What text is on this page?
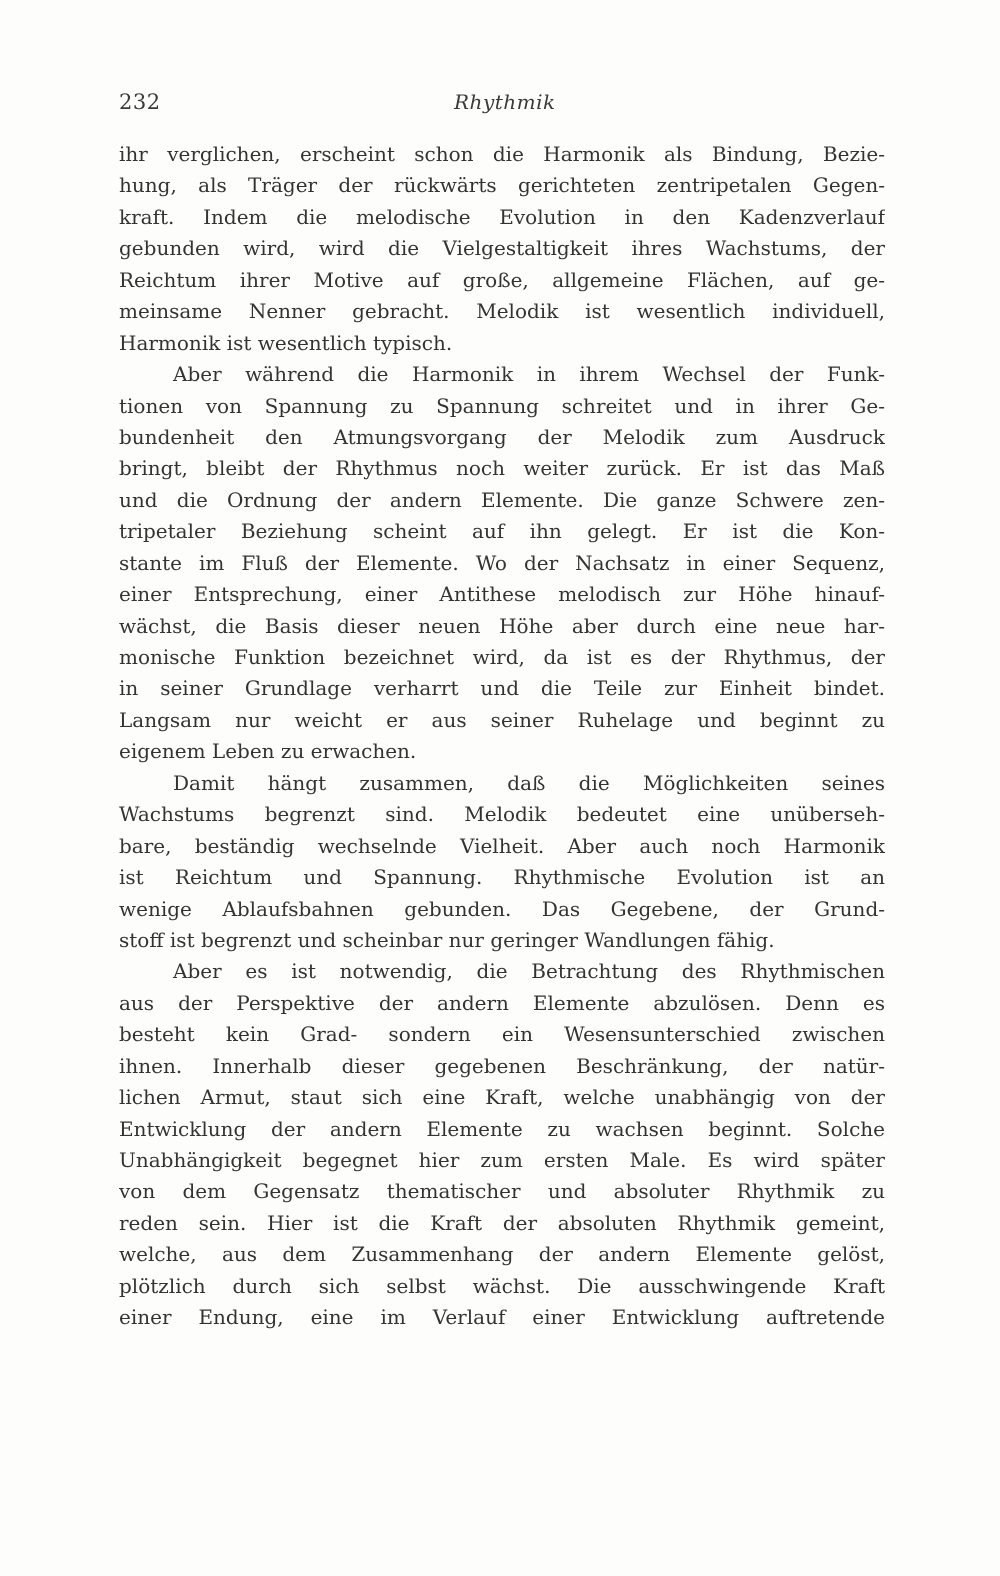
232	Rhythmik
ihr verglichen, erscheint schon die Harmonik als Bindung, Bezie-
hung, als Träger der rückwärts gerichteten zentripetalen Gegen-
kraft. Indem die melodische Evolution in den Kadenzverlauf
gebunden wird, wird die Vielgestaltigkeit ihres Wachstums, der
Reichtum ihrer Motive auf große, allgemeine Flächen, auf ge-
meinsame Nenner gebracht. Melodik ist wesentlich individuell,
Harmonik ist wesentlich typisch.
Aber während die Harmonik in ihrem Wechsel der Funk-
tionen von Spannung zu Spannung schreitet und in ihrer Ge-
bundenheit den Atmungsvorgang der Melodik zum Ausdruck
bringt, bleibt der Rhythmus noch weiter zurück. Er ist das Maß
und die Ordnung der andern Elemente. Die ganze Schwere zen-
tripetaler Beziehung scheint auf ihn gelegt. Er ist die Kon-
stante im Fluß der Elemente. Wo der Nachsatz in einer Sequenz,
einer Entsprechung, einer Antithese melodisch zur Höhe hinauf-
wächst, die Basis dieser neuen Höhe aber durch eine neue har-
monische Funktion bezeichnet wird, da ist es der Rhythmus, der
in seiner Grundlage verharrt und die Teile zur Einheit bindet.
Langsam nur weicht er aus seiner Ruhelage und beginnt zu
eigenem Leben zu erwachen.
Damit hängt zusammen, daß die Möglichkeiten seines
Wachstums begrenzt sind. Melodik bedeutet eine unüberseh-
bare, beständig wechselnde Vielheit. Aber auch noch Harmonik
ist Reichtum und Spannung. Rhythmische Evolution ist an
wenige Ablaufsbahnen gebunden. Das Gegebene, der Grund-
stoff ist begrenzt und scheinbar nur geringer Wandlungen fähig.
Aber es ist notwendig, die Betrachtung des Rhythmischen
aus der Perspektive der andern Elemente abzulösen. Denn es
besteht kein Grad- sondern ein Wesensunterschied zwischen
ihnen. Innerhalb dieser gegebenen Beschränkung, der natür-
lichen Armut, staut sich eine Kraft, welche unabhängig von der
Entwicklung der andern Elemente zu wachsen beginnt. Solche
Unabhängigkeit begegnet hier zum ersten Male. Es wird später
von dem Gegensatz thematischer und absoluter Rhythmik zu
reden sein. Hier ist die Kraft der absoluten Rhythmik gemeint,
welche, aus dem Zusammenhang der andern Elemente gelöst,
plötzlich durch sich selbst wächst. Die ausschwingende Kraft
einer Endung, eine im Verlauf einer Entwicklung auftretende
